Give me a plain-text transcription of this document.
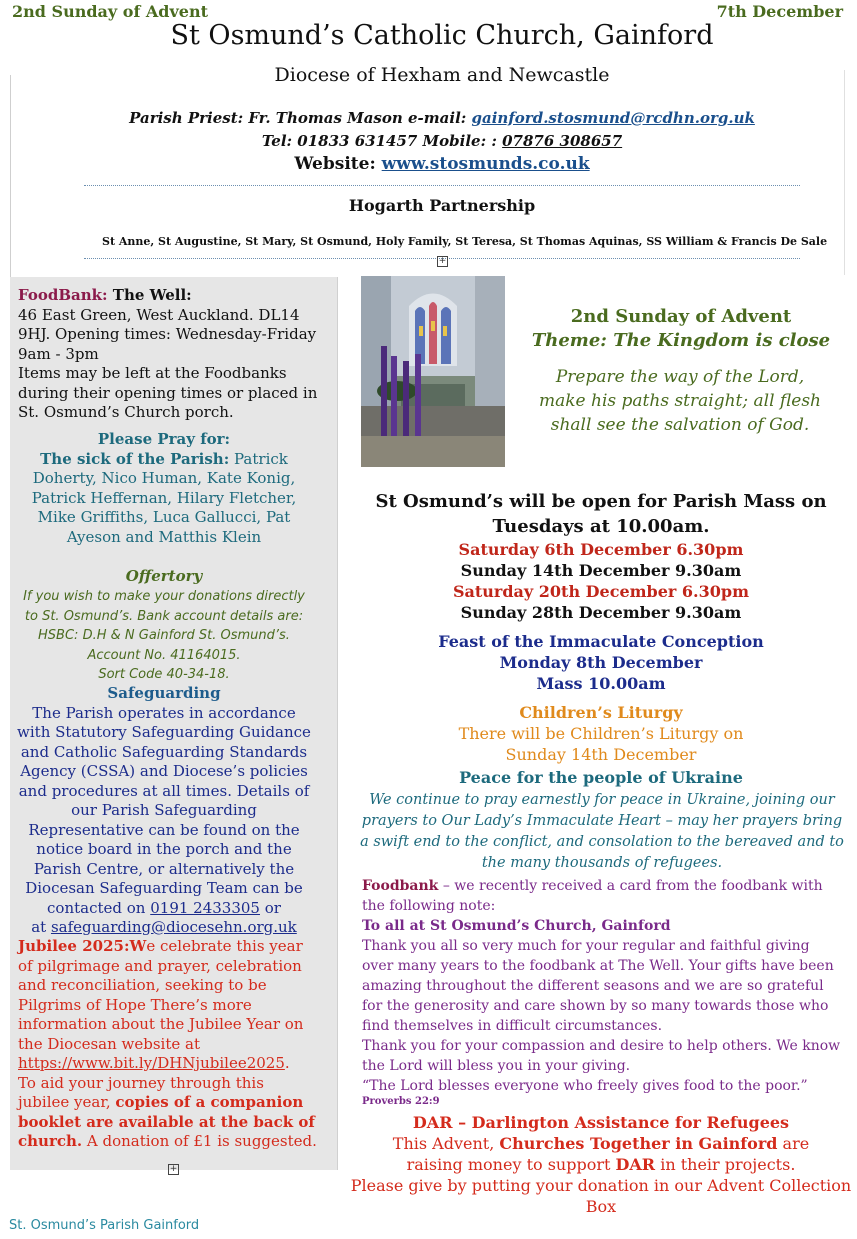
2nd Sunday of Advent	7th December
St Osmund’s Catholic Church, Gainford
Diocese of Hexham and Newcastle
Parish Priest: Fr. Thomas Mason e-mail: gainford.stosmund@rcdhn.org.uk
Tel: 01833 631457 Mobile: : 07876 308657
Website: www.stosmunds.co.uk
Hogarth Partnership
St Anne, St Augustine, St Mary, St Osmund, Holy Family, St Teresa, St Thomas Aquinas, SS William & Francis De Sale
+
FoodBank: The Well:
46 East Green, West Auckland. DL14 9HJ. Opening times: Wednesday-Friday 9am - 3pm
Items may be left at the Foodbanks during their opening times or placed in St. Osmund’s Church porch.
Please Pray for:
The sick of the Parish: Patrick Doherty, Nico Human, Kate Konig, Patrick Heffernan, Hilary Fletcher, Mike Griffiths, Luca Gallucci, Pat Ayeson and Matthis Klein
Offertory
If you wish to make your donations directly
to St. Osmund’s. Bank account details are:
HSBC: D.H & N Gainford St. Osmund’s.
Account No. 41164015.
Sort Code 40-34-18.
Safeguarding
The Parish operates in accordance with Statutory Safeguarding Guidance and Catholic Safeguarding Standards Agency (CSSA) and Diocese’s policies and procedures at all times. Details of our Parish Safeguarding Representative can be found on the notice board in the porch and the Parish Centre, or alternatively the Diocesan Safeguarding Team can be
contacted on 0191 2433305 or
at safeguarding@diocesehn.org.uk
Jubilee 2025:We celebrate this year of pilgrimage and prayer, celebration and reconciliation, seeking to be Pilgrims of Hope There’s more information about the Jubilee Year on the Diocesan website at https://www.bit.ly/DHNjubilee2025.
To aid your journey through this jubilee year, copies of a companion booklet are available at the back of church. A donation of £1 is suggested.
+
2nd Sunday of Advent
Theme: The Kingdom is close
Prepare the way of the Lord, make his paths straight; all flesh shall see the salvation of God.
St Osmund’s will be open for Parish Mass on
Tuesdays at 10.00am.
Saturday 6th December 6.30pm
Sunday 14th December 9.30am
Saturday 20th December 6.30pm
Sunday 28th December 9.30am
Feast of the Immaculate Conception
Monday 8th December
Mass 10.00am
Children’s Liturgy
There will be Children’s Liturgy on
Sunday 14th December
Peace for the people of Ukraine
We continue to pray earnestly for peace in Ukraine, joining our prayers to Our Lady’s Immaculate Heart – may her prayers bring a swift end to the conflict, and consolation to the bereaved and to the many thousands of refugees.
Foodbank – we recently received a card from the foodbank with the following note:
To all at St Osmund’s Church, Gainford
Thank you all so very much for your regular and faithful giving over many years to the foodbank at The Well. Your gifts have been amazing throughout the different seasons and we are so grateful for the generosity and care shown by so many towards those who find themselves in difficult circumstances.
Thank you for your compassion and desire to help others. We know the Lord will bless you in your giving.
“The Lord blesses everyone who freely gives food to the poor.”
Proverbs 22:9
DAR – Darlington Assistance for Refugees
This Advent, Churches Together in Gainford are raising money to support DAR in their projects.
Please give by putting your donation in our Advent Collection Box
St. Osmund’s Parish Gainford
